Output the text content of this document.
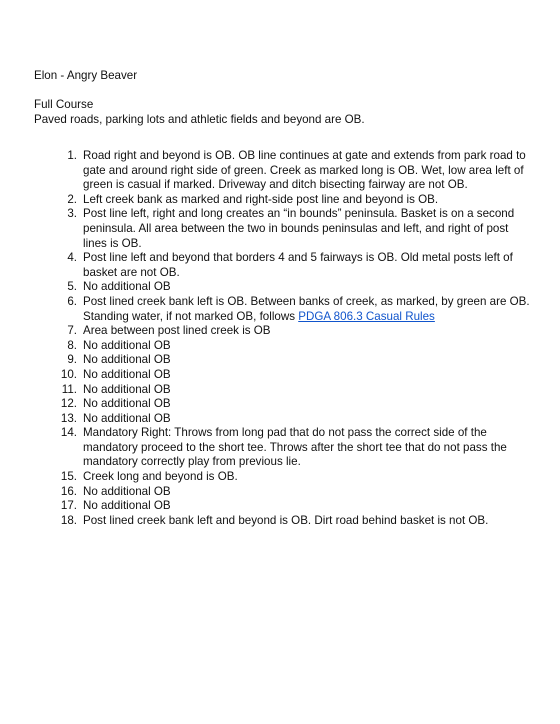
Elon - Angry Beaver
Full Course
Paved roads, parking lots and athletic fields and beyond are OB.
1. Road right and beyond is OB. OB line continues at gate and extends from park road to gate and around right side of green. Creek as marked long is OB. Wet, low area left of green is casual if marked. Driveway and ditch bisecting fairway are not OB.
2. Left creek bank as marked and right-side post line and beyond is OB.
3. Post line left, right and long creates an “in bounds” peninsula. Basket is on a second peninsula. All area between the two in bounds peninsulas and left, and right of post lines is OB.
4. Post line left and beyond that borders 4 and 5 fairways is OB. Old metal posts left of basket are not OB.
5. No additional OB
6. Post lined creek bank left is OB. Between banks of creek, as marked, by green are OB. Standing water, if not marked OB, follows PDGA 806.3 Casual Rules
7. Area between post lined creek is OB
8. No additional OB
9. No additional OB
10. No additional OB
11. No additional OB
12. No additional OB
13. No additional OB
14. Mandatory Right: Throws from long pad that do not pass the correct side of the mandatory proceed to the short tee. Throws after the short tee that do not pass the mandatory correctly play from previous lie.
15. Creek long and beyond is OB.
16. No additional OB
17. No additional OB
18. Post lined creek bank left and beyond is OB. Dirt road behind basket is not OB.
